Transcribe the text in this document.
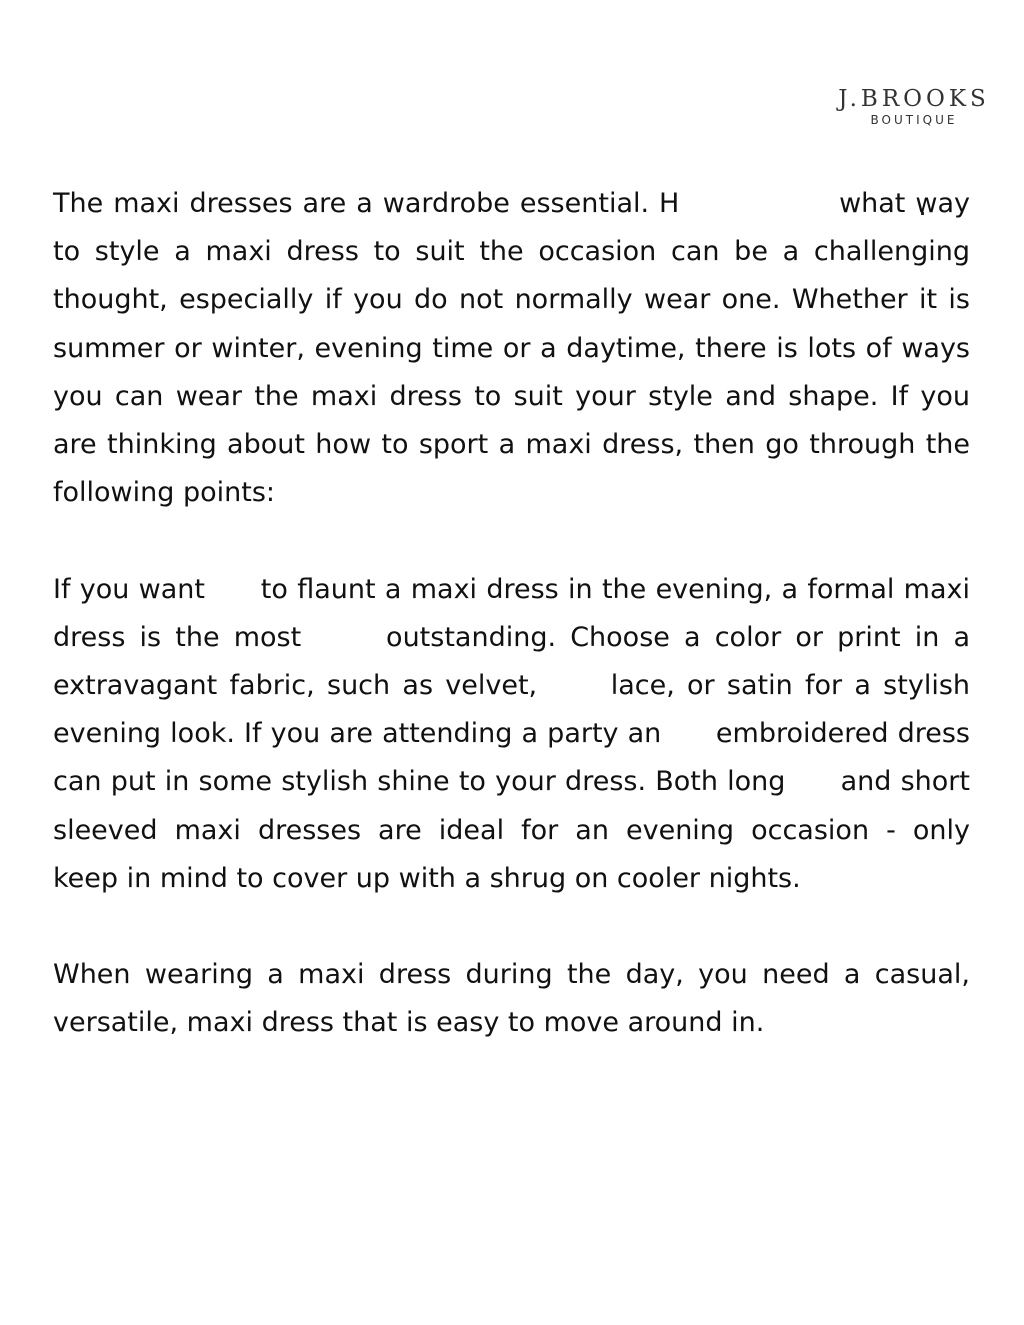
J.BROOKS
BOUTIQUE

The maxi dresses are a wardrobe essential. H                what way to style a maxi dress to suit the occasion can be a challenging thought, especially if you do not normally wear one. Whether it is summer or winter, evening time or a daytime, there is lots of ways you can wear the maxi dress to suit your style and shape. If you are thinking about how to sport a maxi dress, then go through the following points:

If you want      to flaunt a maxi dress in the evening, a formal maxi dress is the most      outstanding. Choose a color or print in a extravagant fabric, such as velvet,      lace, or satin for a stylish evening look. If you are attending a party an      embroidered dress can put in some stylish shine to your dress. Both long      and short sleeved maxi dresses are ideal for an evening occasion - only      keep in mind to cover up with a shrug on cooler nights.

When wearing a maxi dress during the day, you need a casual, versatile, maxi dress that is easy to move around in.
